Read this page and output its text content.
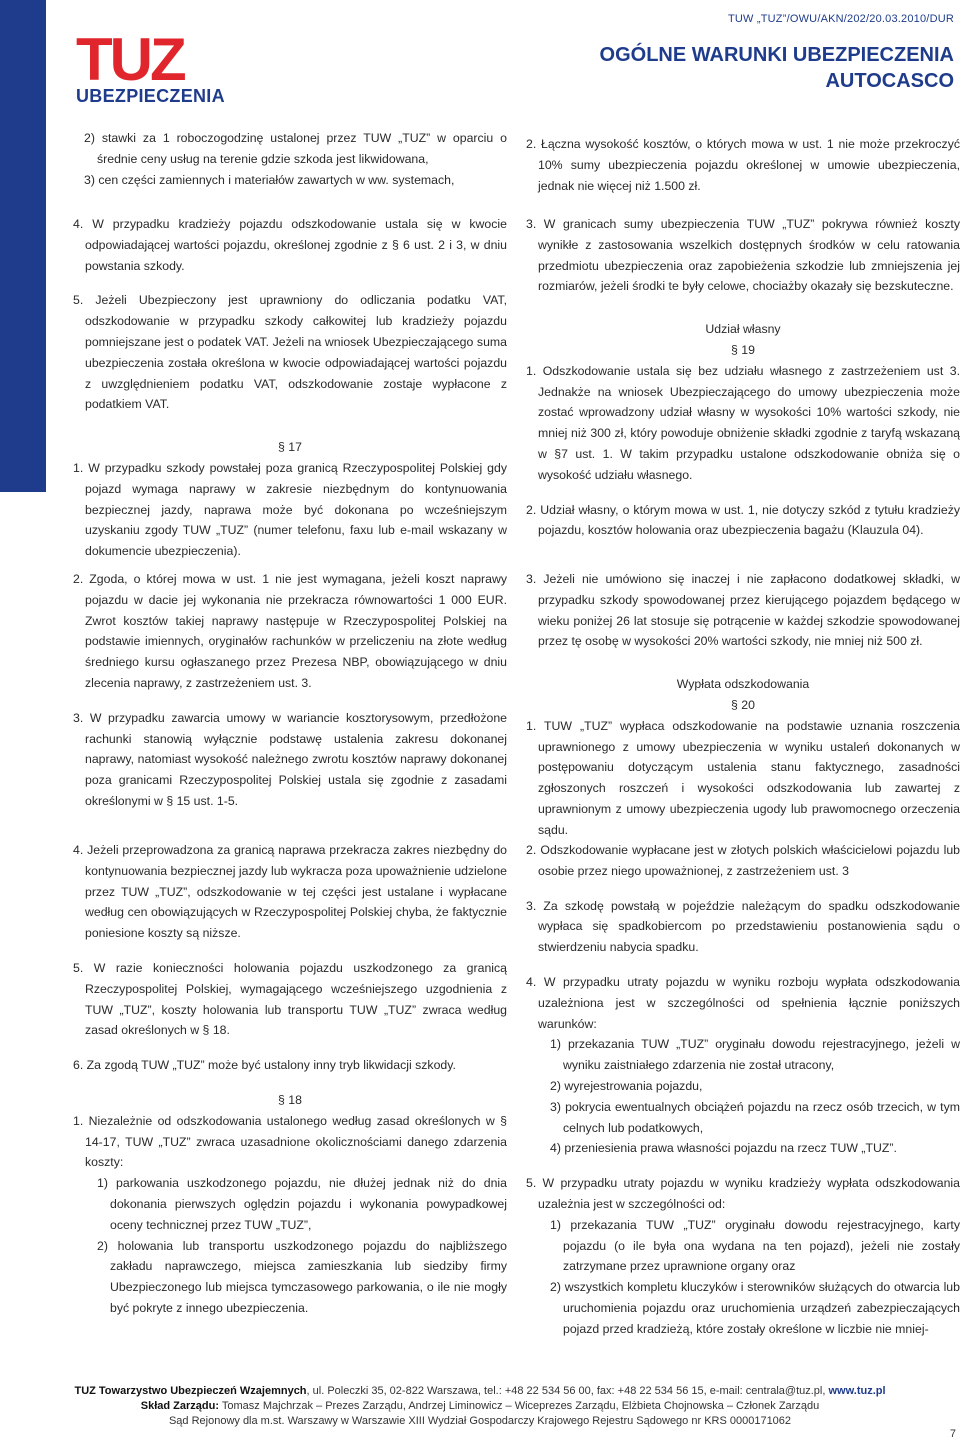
TUZ
UBEZPIECZENIA
TUW „TUZ”/OWU/AKN/202/20.03.2010/DUR
OGÓLNE WARUNKI UBEZPIECZENIA
AUTOCASCO

2) stawki za 1 roboczogodzinę ustalonej przez TUW „TUZ” w oparciu o średnie ceny usług na terenie gdzie szkoda jest likwidowana,

3) cen części zamiennych i materiałów zawartych w ww. systemach,

4. W przypadku kradzieży pojazdu odszkodowanie ustala się w kwocie odpowiadającej wartości pojazdu, określonej zgodnie z § 6 ust. 2 i 3, w dniu powstania szkody.

5. Jeżeli Ubezpieczony jest uprawniony do odliczania podatku VAT, odszkodowanie w przypadku szkody całkowitej lub kradzieży pojazdu pomniejszane jest o podatek VAT. Jeżeli na wniosek Ubezpieczającego suma ubezpieczenia została określona w kwocie odpowiadającej wartości pojazdu z uwzględnieniem podatku VAT, odszkodowanie zostaje wypłacone z podatkiem VAT.

§ 17

1. W przypadku szkody powstałej poza granicą Rzeczypospolitej Polskiej gdy pojazd wymaga naprawy w zakresie niezbędnym do kontynuowania bezpiecznej jazdy, naprawa może być dokonana po wcześniejszym uzyskaniu zgody TUW „TUZ” (numer telefonu, faxu lub e-mail wskazany w dokumencie ubezpieczenia).

2. Zgoda, o której mowa w ust. 1 nie jest wymagana, jeżeli koszt naprawy pojazdu w dacie jej wykonania nie przekracza równowartości 1 000 EUR. Zwrot kosztów takiej naprawy następuje w Rzeczypospolitej Polskiej na podstawie imiennych, oryginałów rachunków w przeliczeniu na złote według średniego kursu ogłaszanego przez Prezesa NBP, obowiązującego w dniu zlecenia naprawy, z zastrzeżeniem ust. 3.

3. W przypadku zawarcia umowy w wariancie kosztorysowym, przedłożone rachunki stanowią wyłącznie podstawę ustalenia zakresu dokonanej naprawy, natomiast wysokość należnego zwrotu kosztów naprawy dokonanej poza granicami Rzeczypospolitej Polskiej ustala się zgodnie z zasadami określonymi w § 15 ust. 1-5.

4. Jeżeli przeprowadzona za granicą naprawa przekracza zakres niezbędny do kontynuowania bezpiecznej jazdy lub wykracza poza upoważnienie udzielone przez TUW „TUZ”, odszkodowanie w tej części jest ustalane i wypłacane według cen obowiązujących w Rzeczypospolitej Polskiej chyba, że faktycznie poniesione koszty są niższe.

5. W razie konieczności holowania pojazdu uszkodzonego za granicą Rzeczypospolitej Polskiej, wymagającego wcześniejszego uzgodnienia z TUW „TUZ”, koszty holowania lub transportu TUW „TUZ” zwraca według zasad określonych w § 18.

6. Za zgodą TUW „TUZ” może być ustalony inny tryb likwidacji szkody.

§ 18

1. Niezależnie od odszkodowania ustalonego według zasad określonych w § 14-17, TUW „TUZ” zwraca uzasadnione okolicznościami danego zdarzenia koszty:

1) parkowania uszkodzonego pojazdu, nie dłużej jednak niż do dnia dokonania pierwszych oględzin pojazdu i wykonania powypadkowej oceny technicznej przez TUW „TUZ”,

2) holowania lub transportu uszkodzonego pojazdu do najbliższego zakładu naprawczego, miejsca zamieszkania lub siedziby firmy Ubezpieczonego lub miejsca tymczasowego parkowania, o ile nie mogły być pokryte z innego ubezpieczenia.

2. Łączna wysokość kosztów, o których mowa w ust. 1 nie może przekroczyć 10% sumy ubezpieczenia pojazdu określonej w umowie ubezpieczenia, jednak nie więcej niż 1.500 zł.

3. W granicach sumy ubezpieczenia TUW „TUZ” pokrywa również koszty wynikłe z zastosowania wszelkich dostępnych środków w celu ratowania przedmiotu ubezpieczenia oraz zapobieżenia szkodzie lub zmniejszenia jej rozmiarów, jeżeli środki te były celowe, chociażby okazały się bezskuteczne.

Udział własny

§ 19

1. Odszkodowanie ustala się bez udziału własnego z zastrzeżeniem ust 3. Jednakże na wniosek Ubezpieczającego do umowy ubezpieczenia może zostać wprowadzony udział własny w wysokości 10% wartości szkody, nie mniej niż 300 zł, który powoduje obniżenie składki zgodnie z taryfą wskazaną w §7 ust. 1. W takim przypadku ustalone odszkodowanie obniża się o wysokość udziału własnego.

2. Udział własny, o którym mowa w ust. 1, nie dotyczy szkód z tytułu kradzieży pojazdu, kosztów holowania oraz ubezpieczenia bagażu (Klauzula 04).

3. Jeżeli nie umówiono się inaczej i nie zapłacono dodatkowej składki, w przypadku szkody spowodowanej przez kierującego pojazdem będącego w wieku poniżej 26 lat stosuje się potrącenie w każdej szkodzie spowodowanej przez tę osobę w wysokości 20% wartości szkody, nie mniej niż 500 zł.

Wypłata odszkodowania

§ 20

1. TUW „TUZ” wypłaca odszkodowanie na podstawie uznania roszczenia uprawnionego z umowy ubezpieczenia w wyniku ustaleń dokonanych w postępowaniu dotyczącym ustalenia stanu faktycznego, zasadności zgłoszonych roszczeń i wysokości odszkodowania lub zawartej z uprawnionym z umowy ubezpieczenia ugody lub prawomocnego orzeczenia sądu.

2. Odszkodowanie wypłacane jest w złotych polskich właścicielowi pojazdu lub osobie przez niego upoważnionej, z zastrzeżeniem ust. 3

3. Za szkodę powstałą w pojeździe należącym do spadku odszkodowanie wypłaca się spadkobiercom po przedstawieniu postanowienia sądu o stwierdzeniu nabycia spadku.

4. W przypadku utraty pojazdu w wyniku rozboju wypłata odszkodowania uzależniona jest w szczególności od spełnienia łącznie poniższych warunków:

1) przekazania TUW „TUZ” oryginału dowodu rejestracyjnego, jeżeli w wyniku zaistniałego zdarzenia nie został utracony,

2) wyrejestrowania pojazdu,

3) pokrycia ewentualnych obciążeń pojazdu na rzecz osób trzecich, w tym celnych lub podatkowych,

4) przeniesienia prawa własności pojazdu na rzecz TUW „TUZ”.

5. W przypadku utraty pojazdu w wyniku kradzieży wypłata odszkodowania uzależnia jest w szczególności od:

1) przekazania TUW „TUZ” oryginału dowodu rejestracyjnego, karty pojazdu (o ile była ona wydana na ten pojazd), jeżeli nie zostały zatrzymane przez uprawnione organy oraz

2) wszystkich kompletu kluczyków i sterowników służących do otwarcia lub uruchomienia pojazdu oraz uruchomienia urządzeń zabezpieczających pojazd przed kradzieżą, które zostały określone w liczbie nie mniej-

TUZ Towarzystwo Ubezpieczeń Wzajemnych, ul. Poleczki 35, 02-822 Warszawa, tel.: +48 22 534 56 00, fax: +48 22 534 56 15, e-mail: centrala@tuz.pl, www.tuz.pl
Skład Zarządu: Tomasz Majchrzak – Prezes Zarządu, Andrzej Liminowicz – Wiceprezes Zarządu, Elżbieta Chojnowska – Członek Zarządu
Sąd Rejonowy dla m.st. Warszawy w Warszawie XIII Wydział Gospodarczy Krajowego Rejestru Sądowego nr KRS 0000171062
7
